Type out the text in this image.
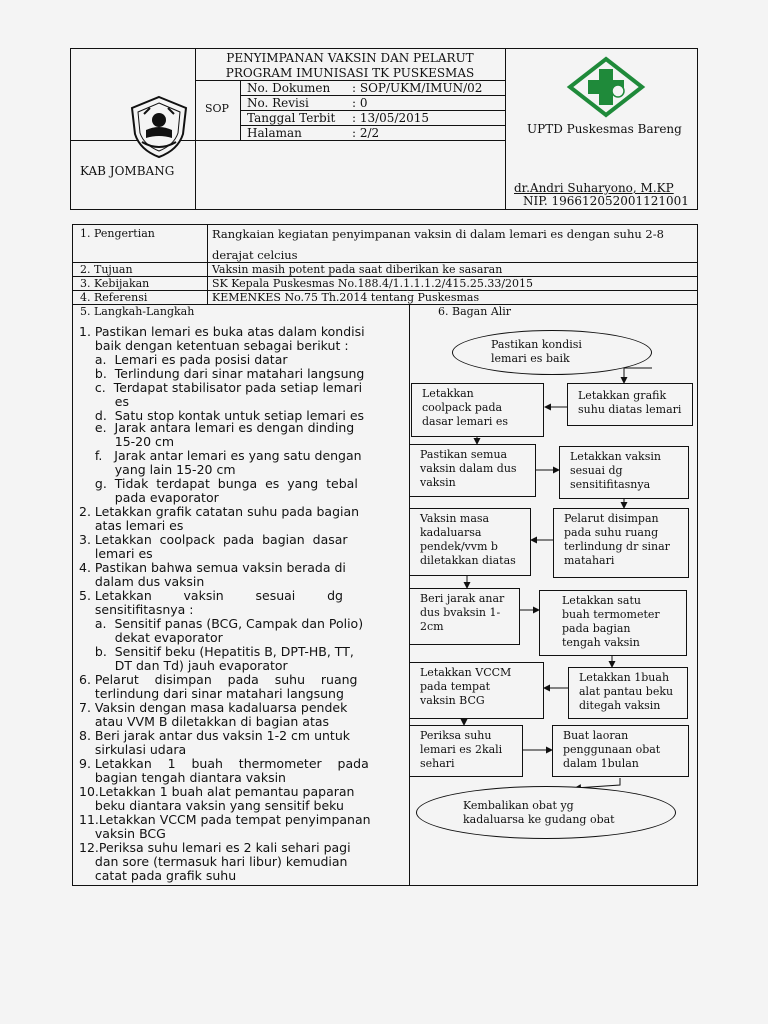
SOP
KAB JOMBANG
PENYIMPANAN VAKSIN DAN PELARUT
PROGRAM IMUNISASI TK PUSKESMAS
No. Dokumen : SOP/UKM/IMUN/02
No. Revisi	: 0
Tanggal Terbit : 13/05/2015
Halaman	: 2/2	UPTD Puskesmas Bareng
dr.Andri Suharyono, M.KP
NIP. 196612052001121001
1. Pengertian	Rangkaian kegiatan penyimpanan vaksin di dalam lemari es dengan suhu 2-8
derajat celcius
2. Tujuan	Vaksin masih potent pada saat diberikan ke sasaran
3. Kebijakan	SK Kepala Puskesmas No.188.4/1.1.1.1.2/415.25.33/2015
4. Referensi	KEMENKES No.75 Th.2014 tentang Puskesmas
5. Langkah-Langkah	6. Bagan Alir
1. Pastikan lemari es buka atas dalam kondisi
baik dengan ketentuan sebagai berikut :
a.  Lemari es pada posisi datar
b.  Terlindung dari sinar matahari langsung
c.  Terdapat stabilisator pada setiap lemari
es
d.  Satu stop kontak untuk setiap lemari es
e.  Jarak antara lemari es dengan dinding
15-20 cm
f.   Jarak antar lemari es yang satu dengan
yang lain 15-20 cm
g.  Tidak  terdapat  bunga  es  yang  tebal
pada evaporator
2. Letakkan grafik catatan suhu pada bagian
atas lemari es
3. Letakkan  coolpack  pada  bagian  dasar
lemari es
4. Pastikan bahwa semua vaksin berada di
dalam dus vaksin
5. Letakkan        vaksin        sesuai        dg
sensitifitasnya :
a.  Sensitif panas (BCG, Campak dan Polio)
dekat evaporator
b.  Sensitif beku (Hepatitis B, DPT-HB, TT,
DT dan Td) jauh evaporator
6. Pelarut    disimpan    pada    suhu    ruang
terlindung dari sinar matahari langsung
7. Vaksin dengan masa kadaluarsa pendek
atau VVM B diletakkan di bagian atas
8. Beri jarak antar dus vaksin 1-2 cm untuk
sirkulasi udara
9. Letakkan    1    buah    thermometer    pada
bagian tengah diantara vaksin
10.Letakkan 1 buah alat pemantau paparan
beku diantara vaksin yang sensitif beku
11.Letakkan VCCM pada tempat penyimpanan
vaksin BCG
12.Periksa suhu lemari es 2 kali sehari pagi
dan sore (termasuk hari libur) kemudian
catat pada grafik suhu
Pastikan kondisi
lemari es baik
Letakkan
coolpack pada
dasar lemari es
Letakkan grafik
suhu diatas lemari
Pastikan semua
vaksin dalam dus
vaksin
Letakkan vaksin
sesuai dg
sensitifitasnya
Vaksin masa
kadaluarsa
pendek/vvm b
diletakkan diatas
Pelarut disimpan
pada suhu ruang
terlindung dr sinar
matahari
Beri jarak anar
dus bvaksin 1-
2cm
Letakkan satu
buah termometer
pada bagian
tengah vaksin
Letakkan VCCM
pada tempat
vaksin BCG
Letakkan 1buah
alat pantau beku
ditegah vaksin
Periksa suhu
lemari es 2kali
sehari
Buat laoran
penggunaan obat
dalam 1bulan
Kembalikan obat yg
kadaluarsa ke gudang obat
